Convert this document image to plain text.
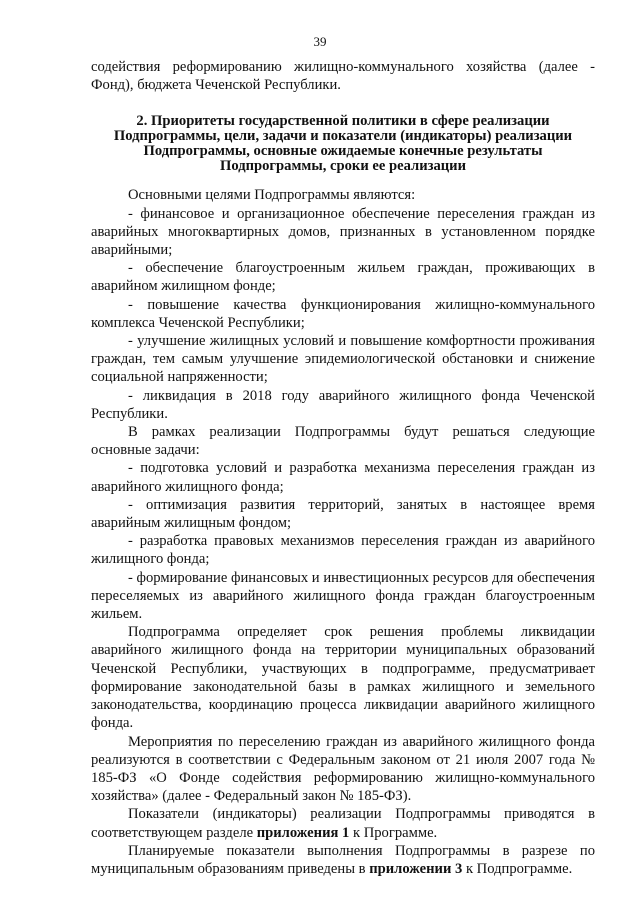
39

содействия реформированию жилищно-коммунального хозяйства (далее - Фонд), бюджета Чеченской Республики.

2. Приоритеты государственной политики в сфере реализации Подпрограммы, цели, задачи и показатели (индикаторы) реализации Подпрограммы, основные ожидаемые конечные результаты Подпрограммы, сроки ее реализации

Основными целями Подпрограммы являются:

- финансовое и организационное обеспечение переселения граждан из аварийных многоквартирных домов, признанных в установленном порядке аварийными;

- обеспечение благоустроенным жильем граждан, проживающих в аварийном жилищном фонде;

- повышение качества функционирования жилищно-коммунального комплекса Чеченской Республики;

- улучшение жилищных условий и повышение комфортности проживания граждан, тем самым улучшение эпидемиологической обстановки и снижение социальной напряженности;

- ликвидация в 2018 году аварийного жилищного фонда Чеченской Республики.

В рамках реализации Подпрограммы будут решаться следующие основные задачи:

- подготовка условий и разработка механизма переселения граждан из аварийного жилищного фонда;

- оптимизация развития территорий, занятых в настоящее время аварийным жилищным фондом;

- разработка правовых механизмов переселения граждан из аварийного жилищного фонда;

- формирование финансовых и инвестиционных ресурсов для обеспечения переселяемых из аварийного жилищного фонда граждан благоустроенным жильем.

Подпрограмма определяет срок решения проблемы ликвидации аварийного жилищного фонда на территории муниципальных образований Чеченской Республики, участвующих в подпрограмме, предусматривает формирование законодательной базы в рамках жилищного и земельного законодательства, координацию процесса ликвидации аварийного жилищного фонда.

Мероприятия по переселению граждан из аварийного жилищного фонда реализуются в соответствии с Федеральным законом от 21 июля 2007 года № 185-ФЗ «О Фонде содействия реформированию жилищно-коммунального хозяйства» (далее - Федеральный закон № 185-ФЗ).

Показатели (индикаторы) реализации Подпрограммы приводятся в соответствующем разделе приложения 1 к Программе.

Планируемые показатели выполнения Подпрограммы в разрезе по муниципальным образованиям приведены в приложении 3 к Подпрограмме.
